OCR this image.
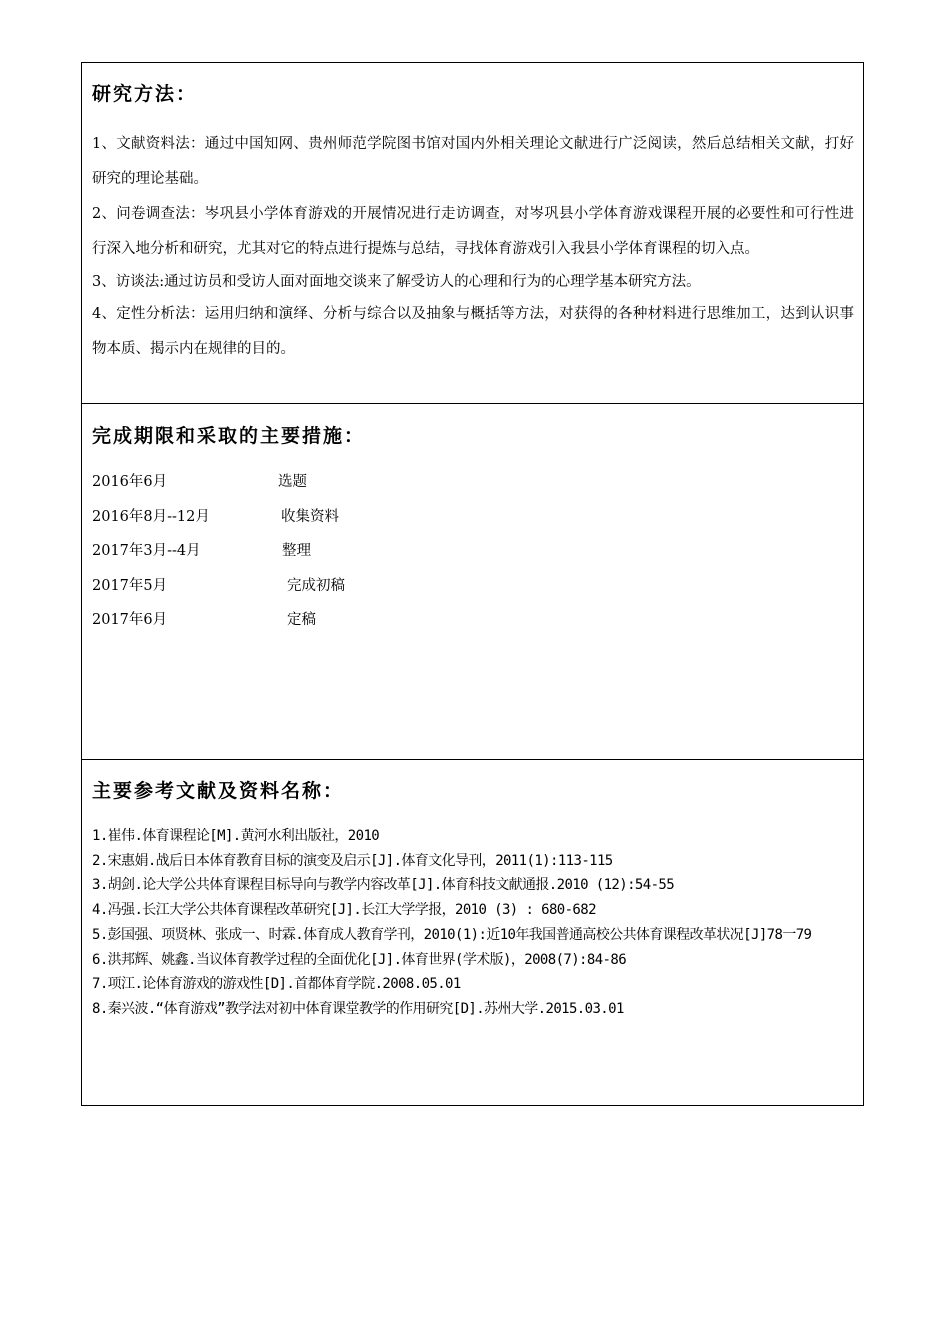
研究方法：

1、文献资料法：通过中国知网、贵州师范学院图书馆对国内外相关理论文献进行广泛阅读，然后总结相关文献，打好研究的理论基础。

2、问卷调查法：岑巩县小学体育游戏的开展情况进行走访调查，对岑巩县小学体育游戏课程开展的必要性和可行性进行深入地分析和研究，尤其对它的特点进行提炼与总结，寻找体育游戏引入我县小学体育课程的切入点。

3、访谈法:通过访员和受访人面对面地交谈来了解受访人的心理和行为的心理学基本研究方法。

4、定性分析法：运用归纳和演绎、分析与综合以及抽象与概括等方法，对获得的各种材料进行思维加工，达到认识事物本质、揭示内在规律的目的。

完成期限和采取的主要措施：
2016年6月	选题
2016年8月--12月	收集资料
2017年3月--4月	整理
2017年5月	完成初稿
2017年6月	定稿
主要参考文献及资料名称：

1.崔伟.体育课程论[M].黄河水利出版社，2010

2.宋惠娟.战后日本体育教育目标的演变及启示[J].体育文化导刊，2011(1):113-115

3.胡剑.论大学公共体育课程目标导向与教学内容改革[J].体育科技文献通报.2010 (12):54-55

4.冯强.长江大学公共体育课程改革研究[J].长江大学学报，2010 (3) : 680-682

5.彭国强、项贤林、张成一、时霖.体育成人教育学刊，2010(1):近10年我国普通高校公共体育课程改革状况[J]78一79

6.洪邦辉、姚鑫.当议体育教学过程的全面优化[J].体育世界(学术版)，2008(7):84-86

7.项江.论体育游戏的游戏性[D].首都体育学院.2008.05.01

8.秦兴波.“体育游戏”教学法对初中体育课堂教学的作用研究[D].苏州大学.2015.03.01
